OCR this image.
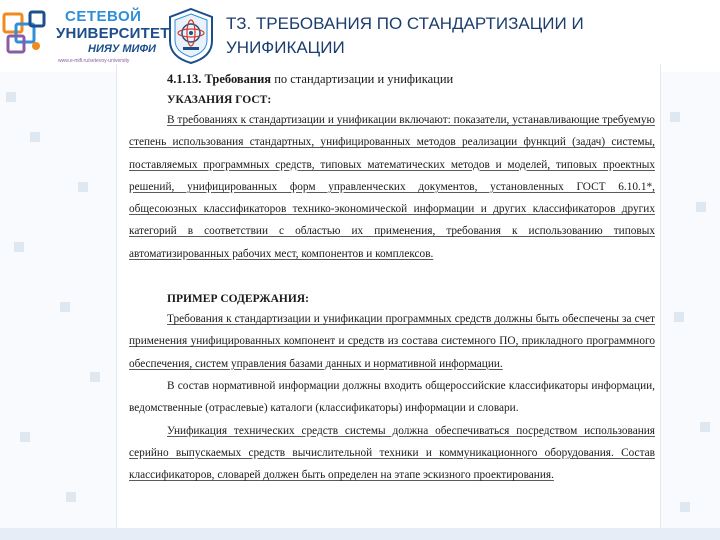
СЕТЕВОЙ
УНИВЕРСИТЕТ
НИЯУ МИФИ
www.e-mifi.ru/setevoy-university
ТЗ. ТРЕБОВАНИЯ ПО СТАНДАРТИЗАЦИИ И УНИФИКАЦИИ
4.1.13. Требования по стандартизации и унификации
УКАЗАНИЯ ГОСТ:

В требованиях к стандартизации и унификации включают: показатели, устанавливающие требуемую степень использования стандартных, унифицированных методов реализации функций (задач) системы, поставляемых программных средств, типовых математических методов и моделей, типовых проектных решений, унифицированных форм управленческих документов, установленных ГОСТ 6.10.1*, общесоюзных классификаторов технико-экономической информации и других классификаторов других категорий в соответствии с областью их применения, требования к использованию типовых автоматизированных рабочих мест, компонентов и комплексов.

ПРИМЕР СОДЕРЖАНИЯ:

Требования к стандартизации и унификации программных средств должны быть обеспечены за счет применения унифицированных компонент и средств из состава системного ПО, прикладного программного обеспечения, систем управления базами данных и нормативной информации.

В состав нормативной информации должны входить общероссийские классификаторы информации, ведомственные (отраслевые) каталоги (классификаторы) информации и словари.

Унификация технических средств системы должна обеспечиваться посредством использования серийно выпускаемых средств вычислительной техники и коммуникационного оборудования. Состав классификаторов, словарей должен быть определен на этапе эскизного проектирования.
